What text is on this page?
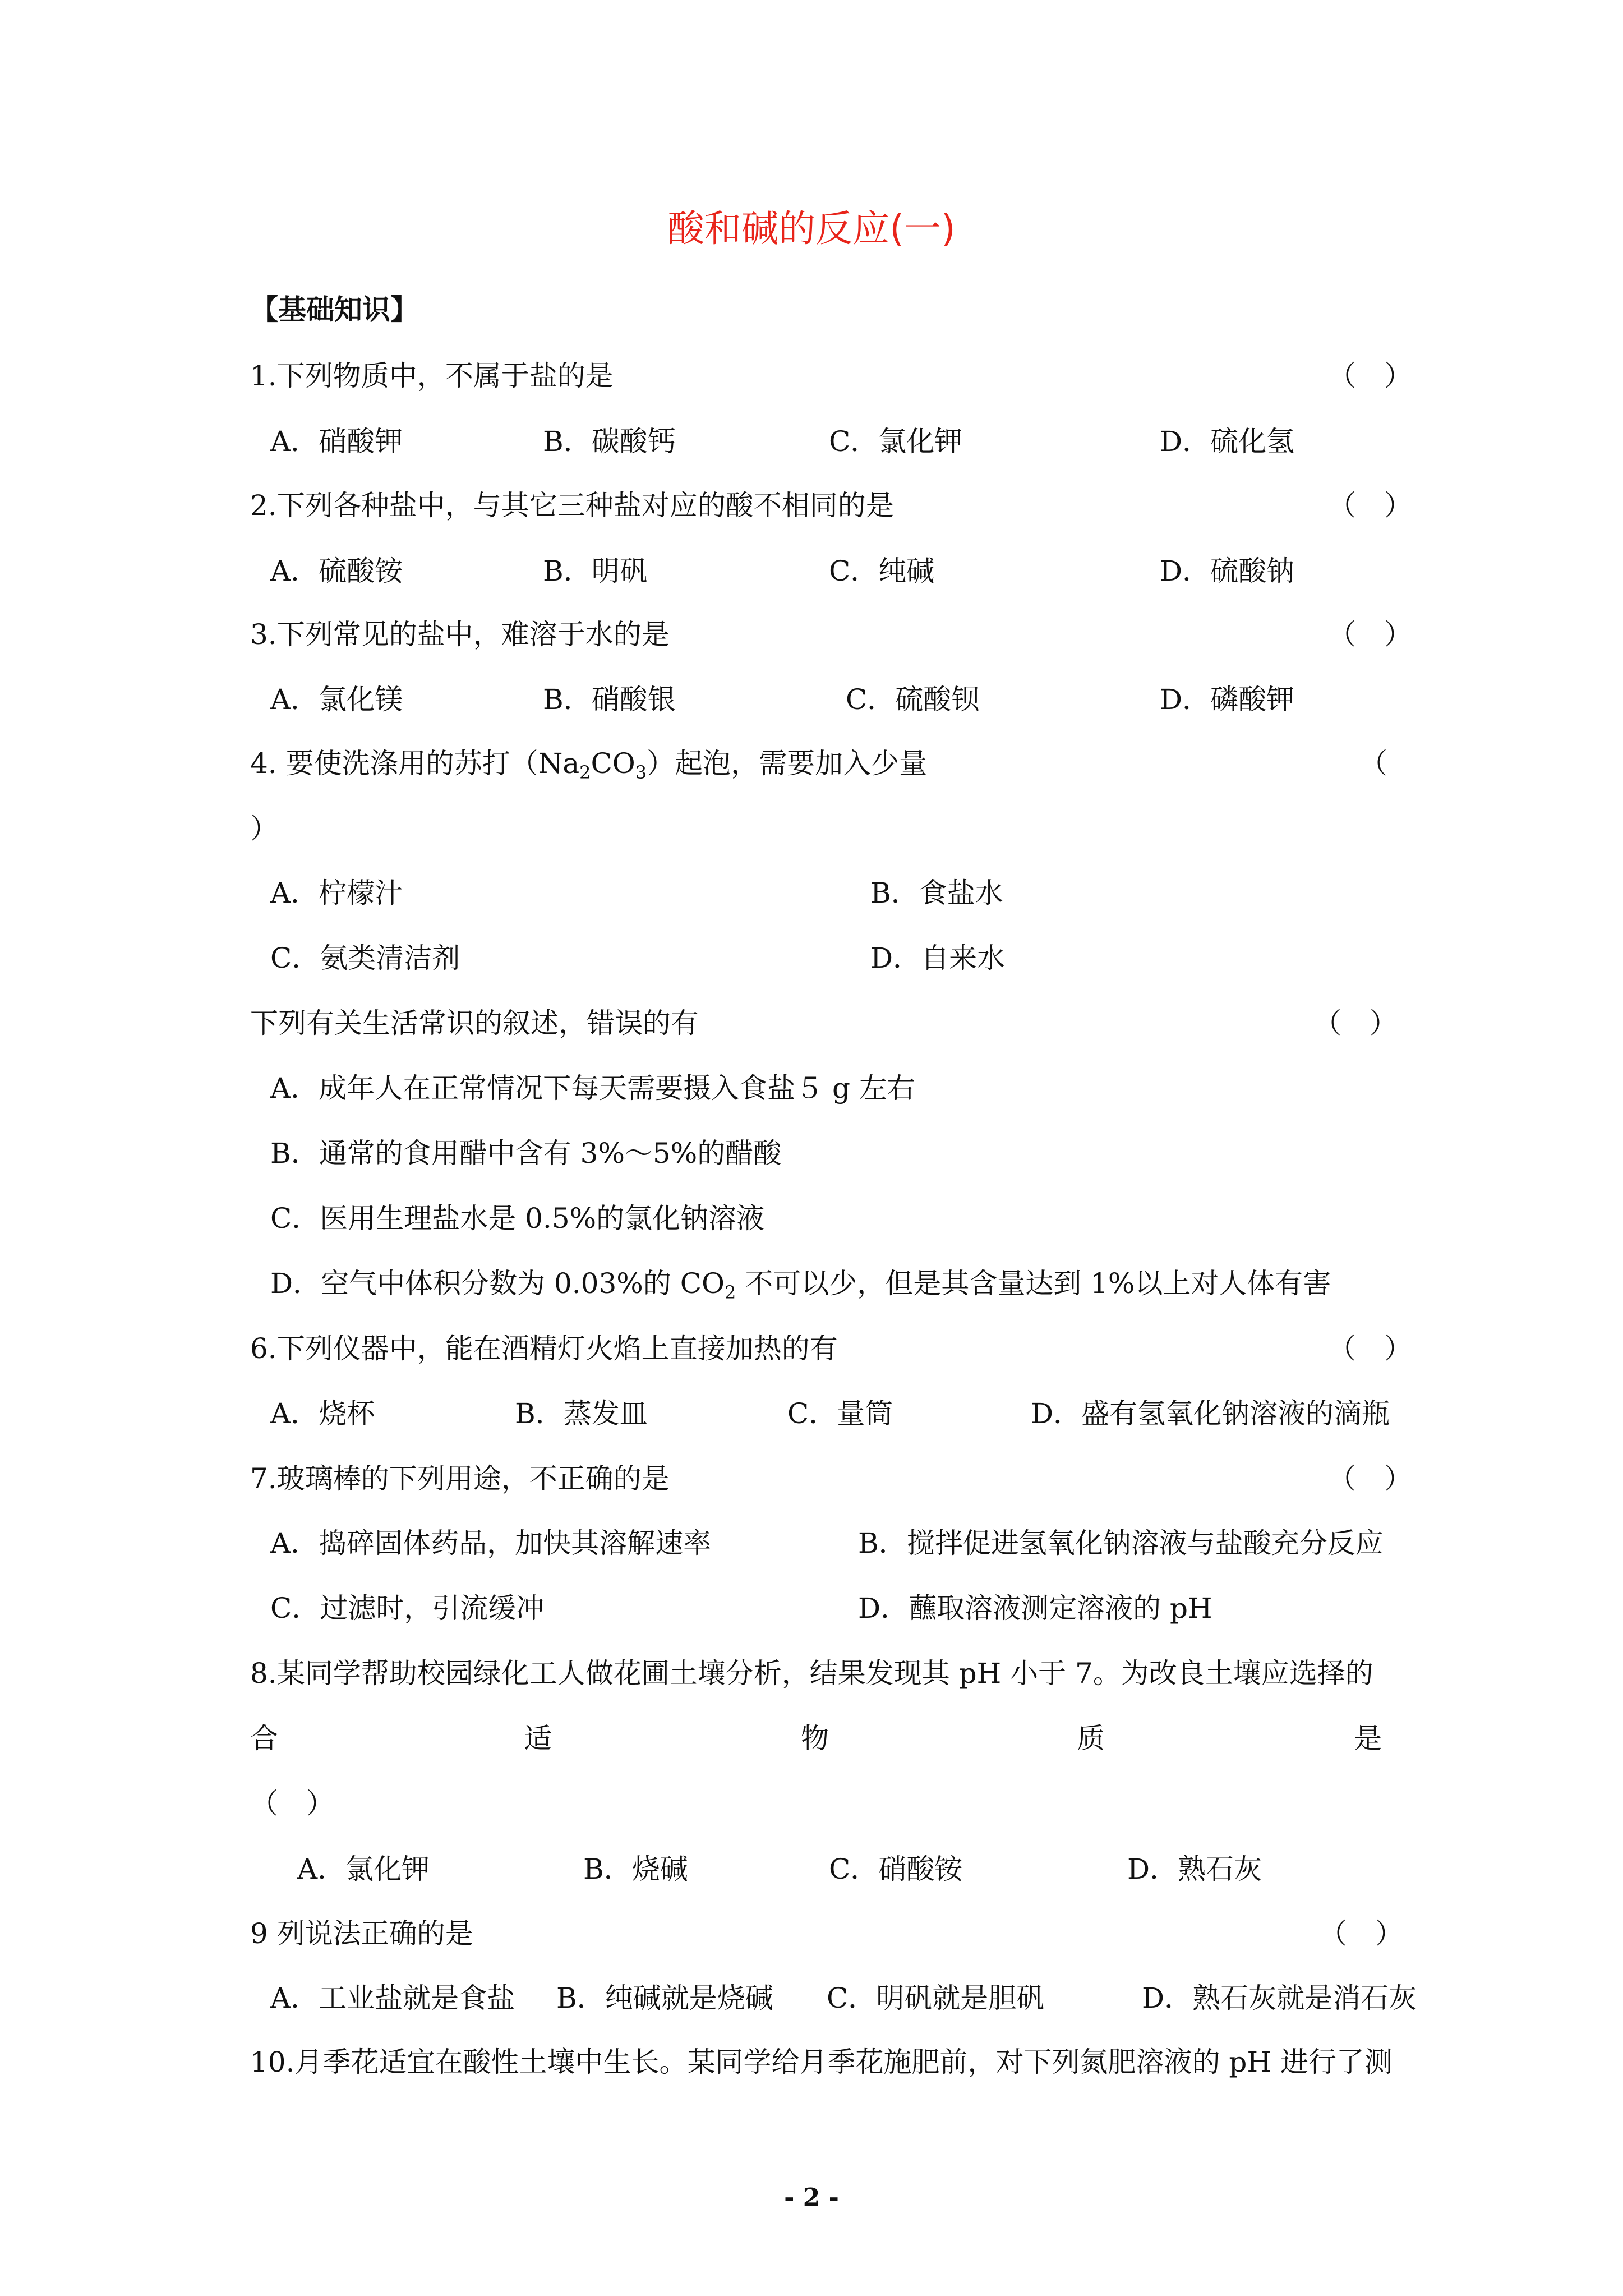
酸和碱的反应(一)
【基础知识】
1.下列物质中，不属于盐的是	（　）
A．硝酸钾	B．碳酸钙	C．氯化钾	D．硫化氢
2.下列各种盐中，与其它三种盐对应的酸不相同的是	（　）
A．硫酸铵	B．明矾	C．纯碱	D．硫酸钠
3.下列常见的盐中，难溶于水的是	（　）
A．氯化镁	B．硝酸银	C．硫酸钡	D．磷酸钾
4. 要使洗涤用的苏打$(Na_2CO_3)$起泡，需要加入少量	（
）
A．柠檬汁	B．食盐水
C．氨类清洁剂	D．自来水
下列有关生活常识的叙述，错误的有	（　）
A．成年人在正常情况下每天需要摄入食盐５ g 左右
B．通常的食用醋中含有 3%～5%的醋酸
C．医用生理盐水是 0.5%的氯化钠溶液
D．空气中体积分数为 0.03%的 $CO_2$ 不可以少，但是其含量达到 1%以上对人体有害
6.下列仪器中，能在酒精灯火焰上直接加热的有	（　）
A．烧杯	B．蒸发皿	C．量筒	D．盛有氢氧化钠溶液的滴瓶
7.玻璃棒的下列用途，不正确的是	（　）
A．捣碎固体药品，加快其溶解速率	B．搅拌促进氢氧化钠溶液与盐酸充分反应
C．过滤时，引流缓冲	D．蘸取溶液测定溶液的 pH
8.某同学帮助校园绿化工人做花圃土壤分析，结果发现其 pH 小于 7。为改良土壤应选择的
合	适	物	质	是
（　）
A．氯化钾	B．烧碱	C．硝酸铵	D．熟石灰
9 列说法正确的是	（　）
A．工业盐就是食盐 B．纯碱就是烧碱 C．明矾就是胆矾	D．熟石灰就是消石灰
10.月季花适宜在酸性土壤中生长。某同学给月季花施肥前，对下列氮肥溶液的 pH 进行了测
- 2 -
